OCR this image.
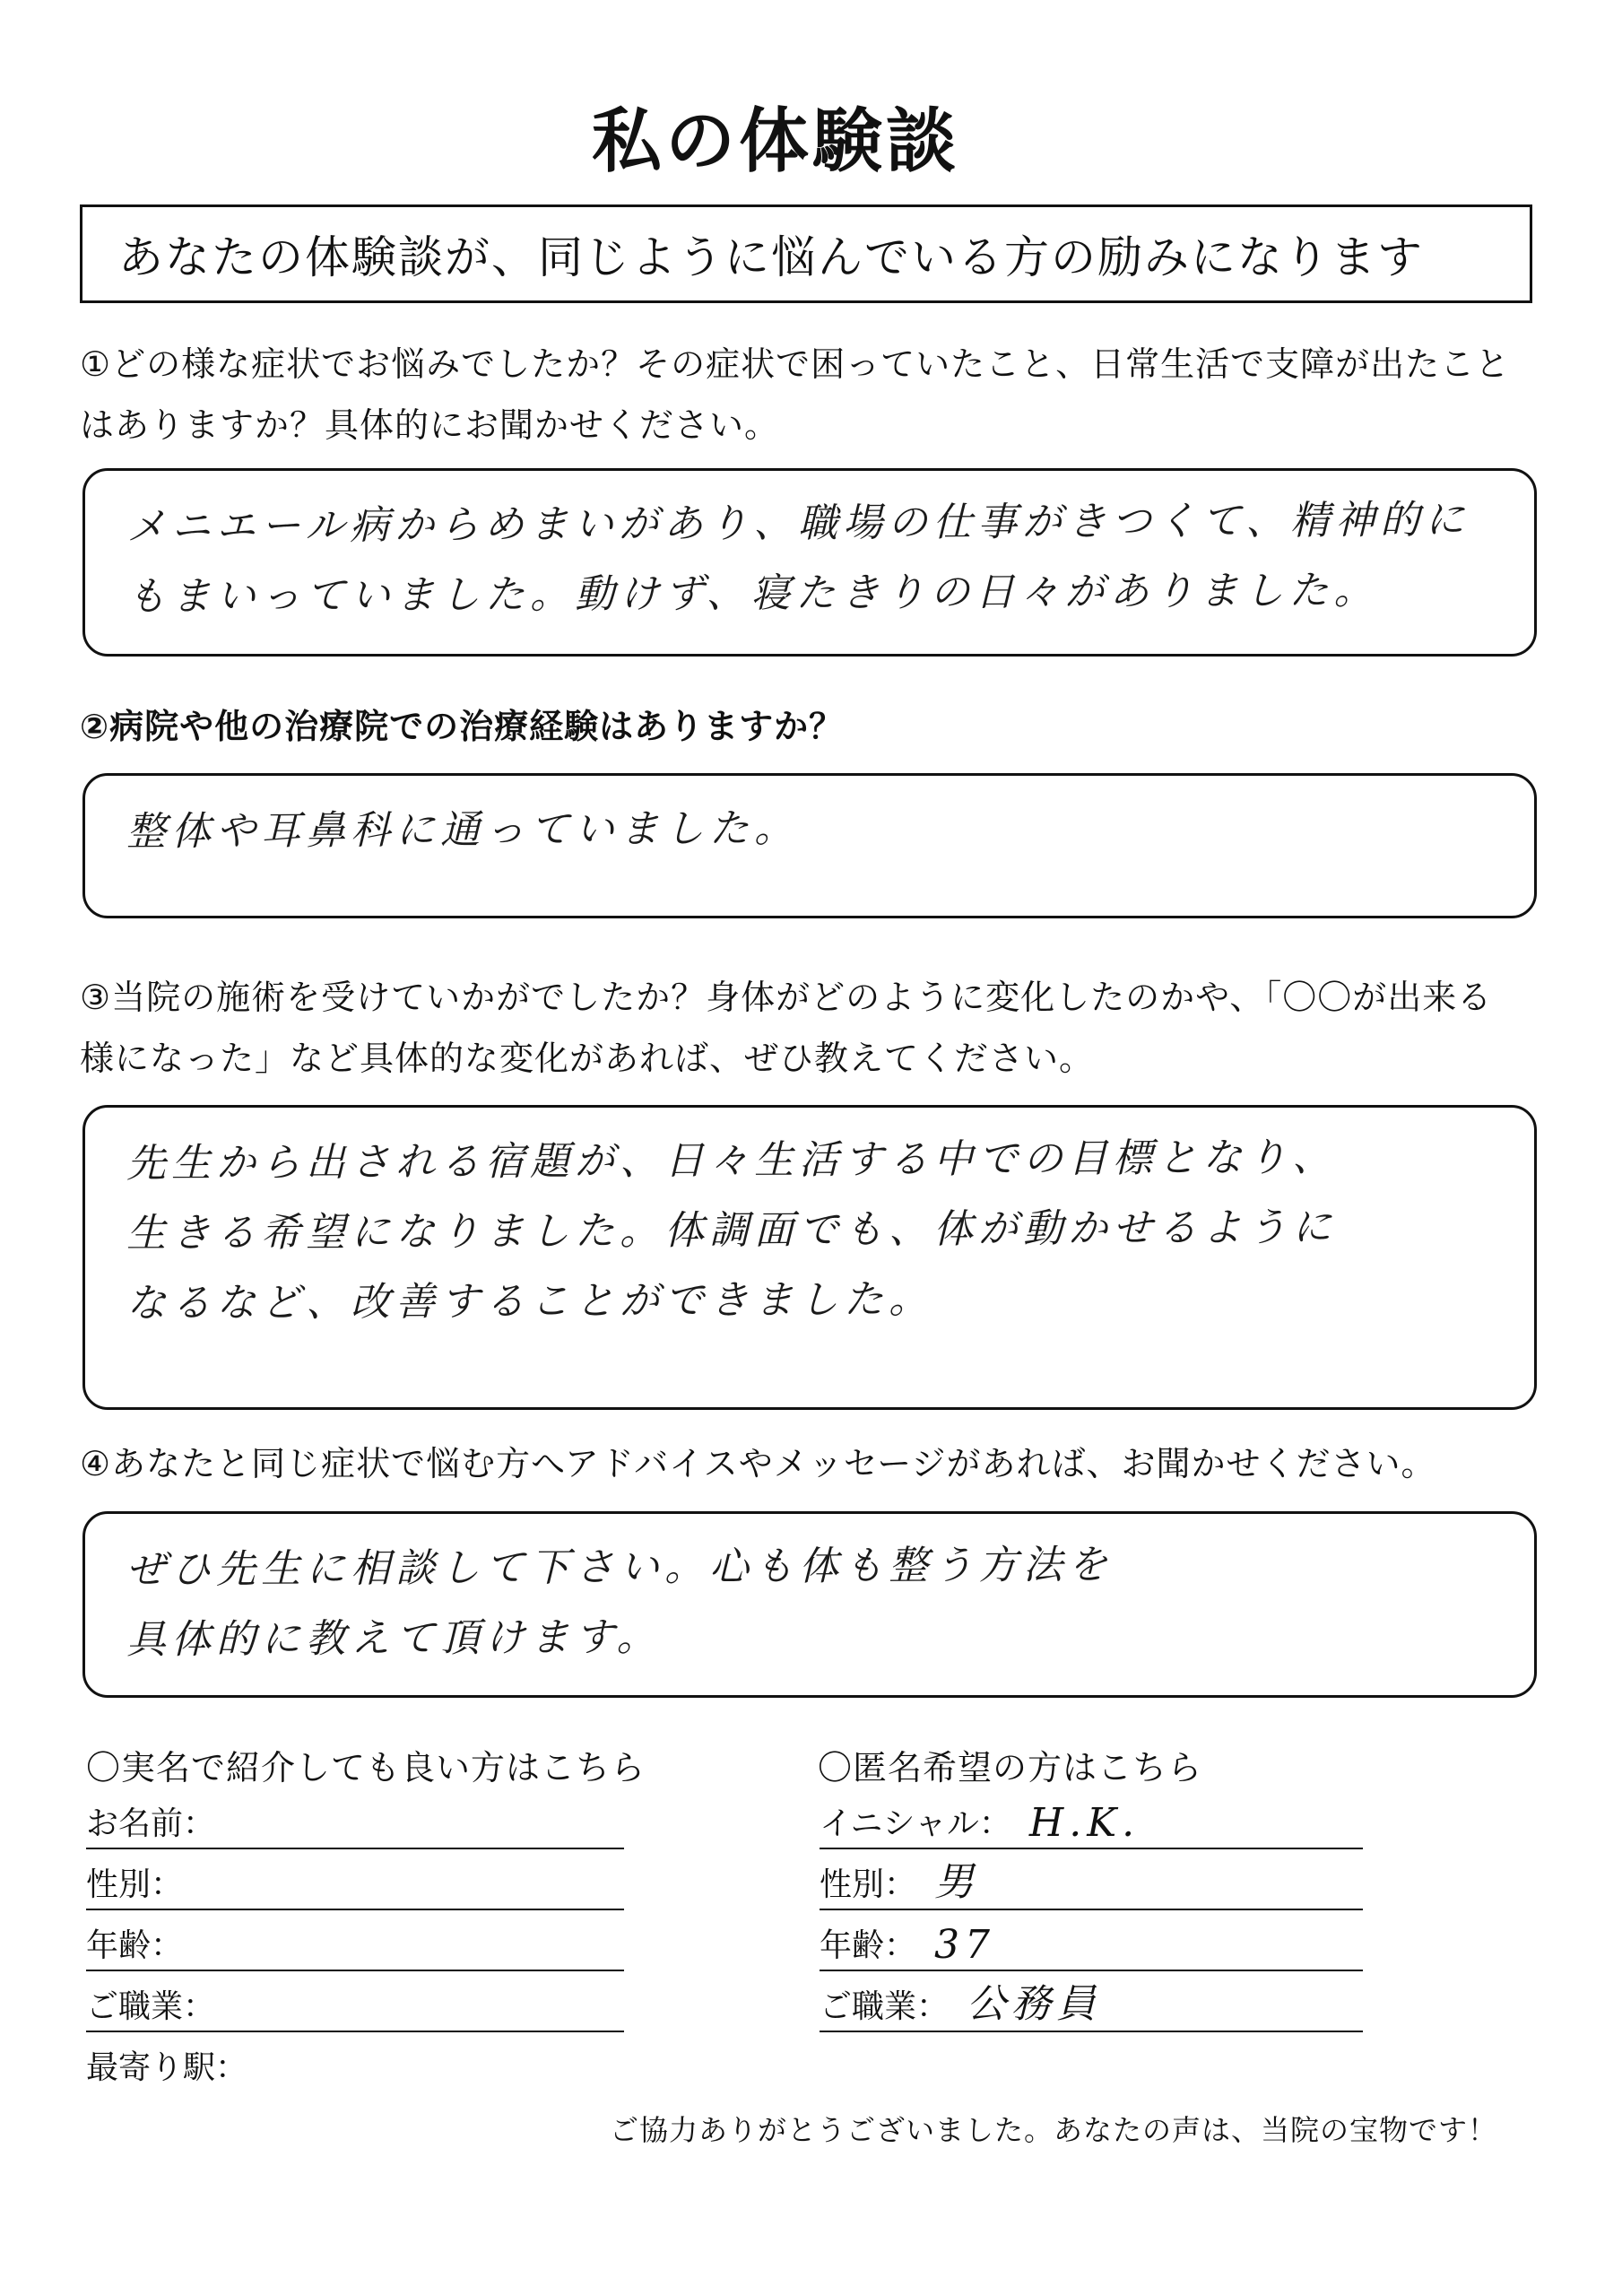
私の体験談
あなたの体験談が、同じように悩んでいる方の励みになります
①どの様な症状でお悩みでしたか？その症状で困っていたこと、日常生活で支障が出たこと
はありますか？具体的にお聞かせください。
メニエール病からめまいがあり、職場の仕事がきつくて、精神的に
もまいっていました。動けず、寝たきりの日々がありました。
②病院や他の治療院での治療経験はありますか？
整体や耳鼻科に通っていました。
③当院の施術を受けていかがでしたか？身体がどのように変化したのかや、「〇〇が出来る
様になった」など具体的な変化があれば、ぜひ教えてください。
先生から出される宿題が、日々生活する中での目標となり、
生きる希望になりました。体調面でも、体が動かせるように
なるなど、改善することができました。
④あなたと同じ症状で悩む方へアドバイスやメッセージがあれば、お聞かせください。
ぜひ先生に相談して下さい。心も体も整う方法を
具体的に教えて頂けます。
〇実名で紹介しても良い方はこちら
お名前：
性別：
年齢：
ご職業：
最寄り駅：
〇匿名希望の方はこちら
イニシャル： H.K.
性別： 男
年齢： 37
ご職業： 公務員
ご協力ありがとうございました。あなたの声は、当院の宝物です！
